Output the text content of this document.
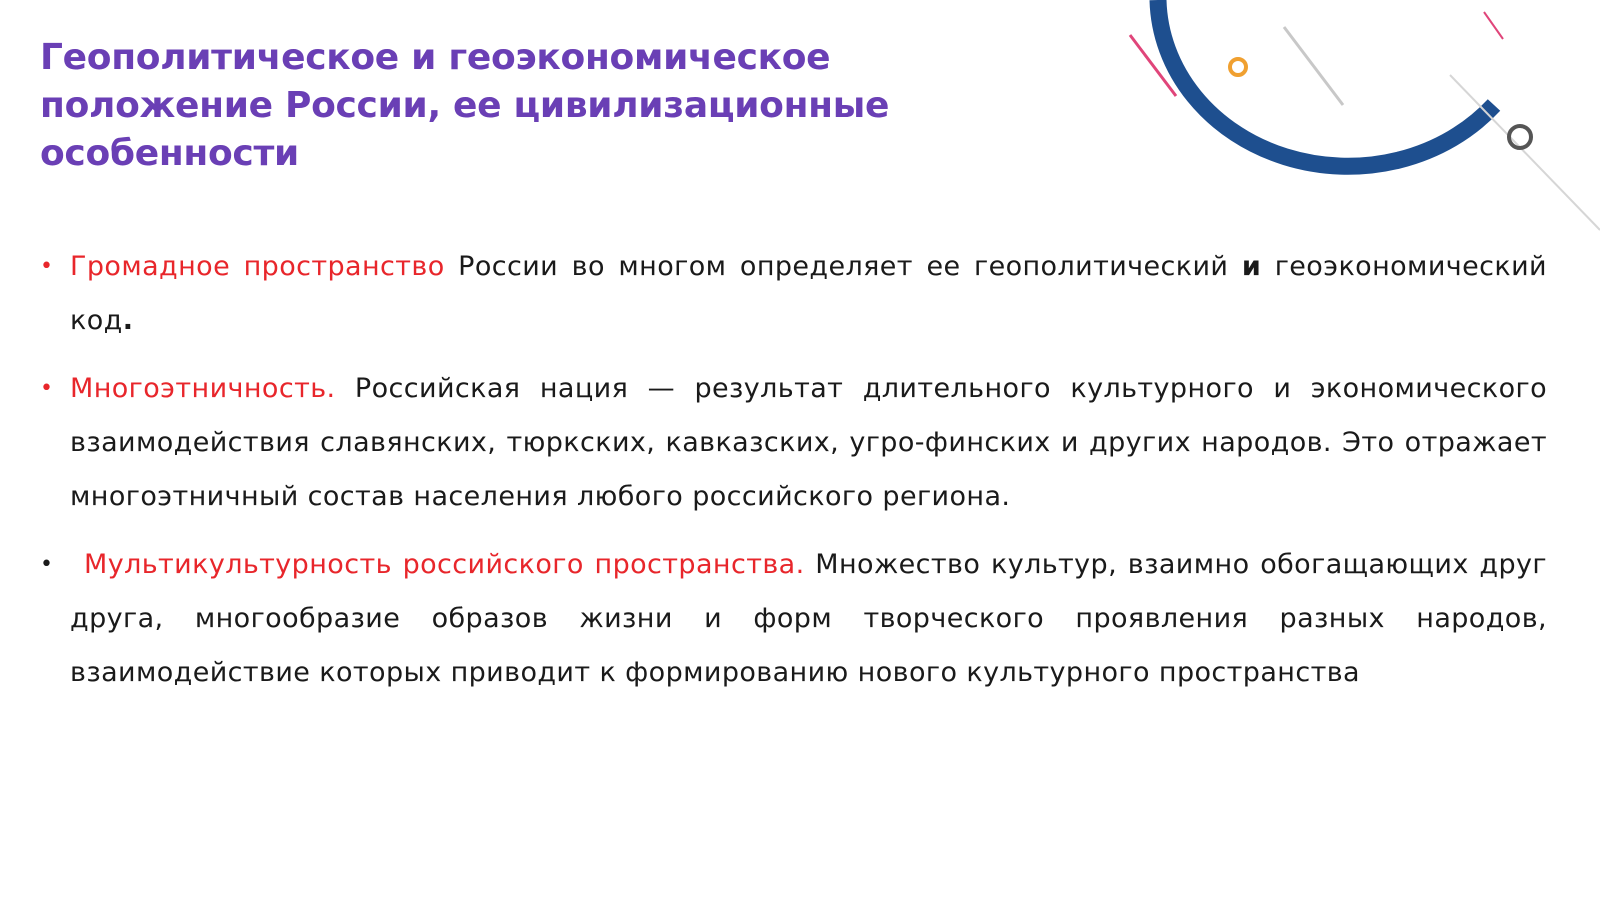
Геополитическое и геоэкономическое положение России, ее цивилизационные особенности
• Громадное пространство России во многом определяет ее геополитический и геоэкономический код.
• Многоэтничность. Российская нация — результат длительного культурного и экономического взаимодействия славянских, тюркских, кавказских, угро-финских и других народов. Это отражает многоэтничный состав населения любого российского региона.
• Мультикультурность российского пространства. Множество культур, взаимно обогащающих друг друга, многообразие образов жизни и форм творческого проявления разных народов, взаимодействие которых приводит к формированию нового культурного пространства
